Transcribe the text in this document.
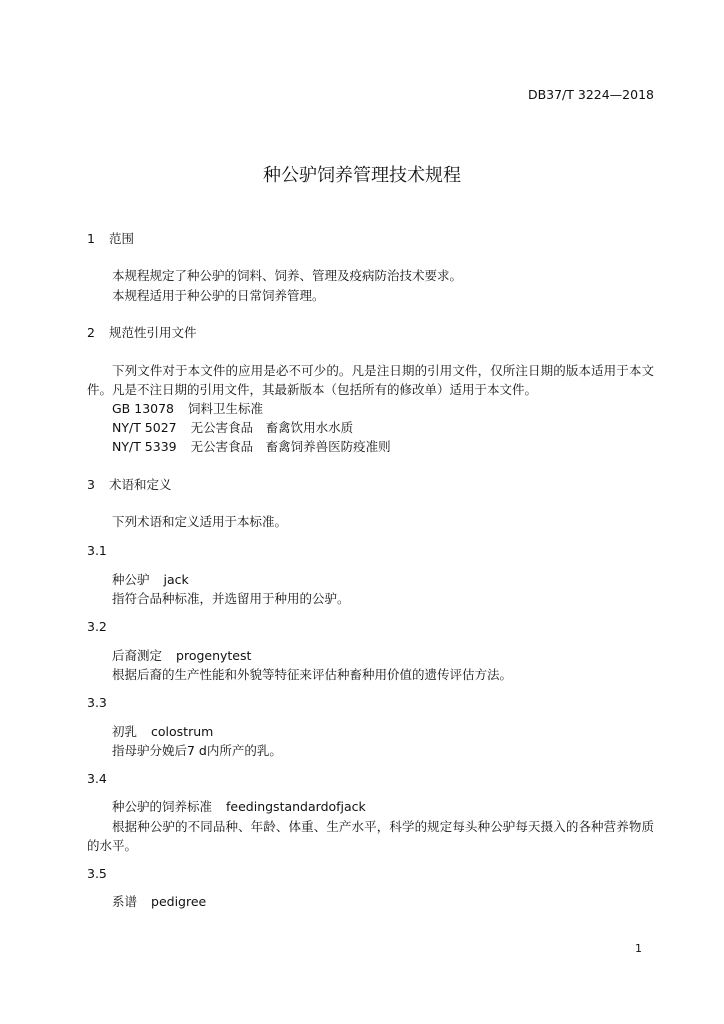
DB37/T 3224—2018
种公驴饲养管理技术规程
1 范围
本规程规定了种公驴的饲料、饲养、管理及疫病防治技术要求。
本规程适用于种公驴的日常饲养管理。
2 规范性引用文件
下列文件对于本文件的应用是必不可少的。凡是注日期的引用文件，仅所注日期的版本适用于本文件。凡是不注日期的引用文件，其最新版本（包括所有的修改单）适用于本文件。
GB 13078 饲料卫生标准
NY/T 5027 无公害食品　畜禽饮用水水质
NY/T 5339 无公害食品　畜禽饲养兽医防疫准则
3 术语和定义
下列术语和定义适用于本标准。
3.1
种公驴 jack
指符合品种标准，并选留用于种用的公驴。
3.2
后裔测定 progenytest
根据后裔的生产性能和外貌等特征来评估种畜种用价值的遗传评估方法。
3.3
初乳 colostrum
指母驴分娩后7 d内所产的乳。
3.4
种公驴的饲养标准 feedingstandardofjack
根据种公驴的不同品种、年龄、体重、生产水平，科学的规定每头种公驴每天摄入的各种营养物质的水平。
3.5
系谱 pedigree
1
